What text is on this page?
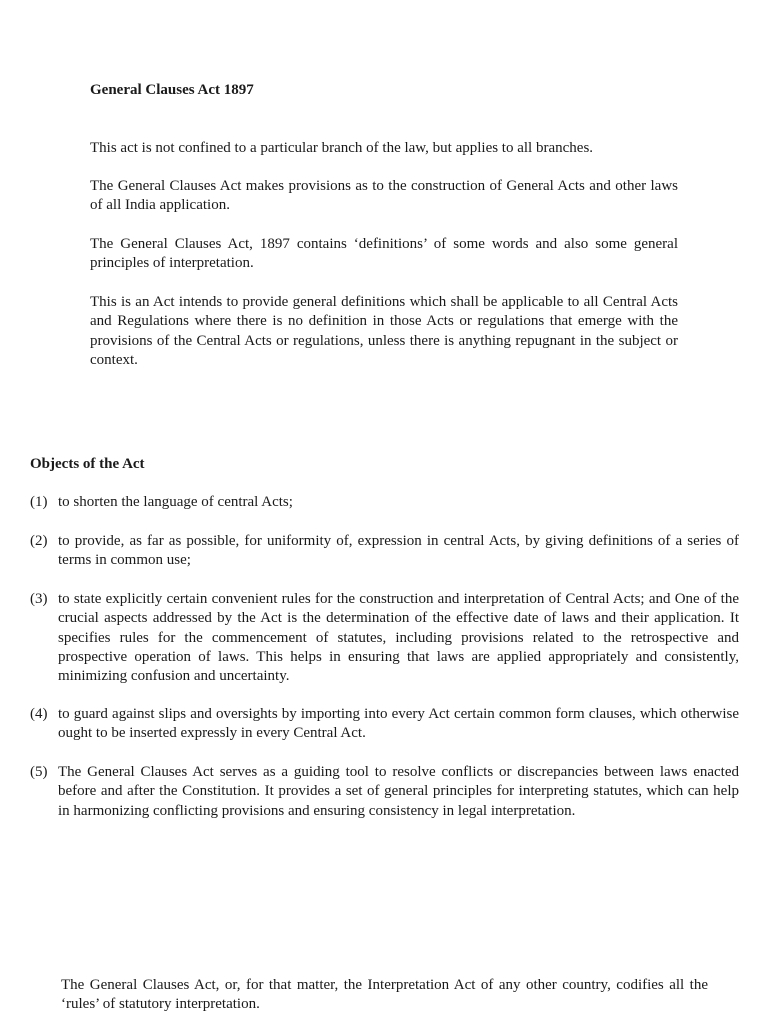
General Clauses Act 1897

This act is not confined to a particular branch of the law, but applies to all branches.

The General Clauses Act makes provisions as to the construction of General Acts and other laws of all India application.

The General Clauses Act, 1897 contains ‘definitions’ of some words and also some general principles of interpretation.

This is an Act intends to provide general definitions which shall be applicable to all Central Acts and Regulations where there is no definition in those Acts or regulations that emerge with the provisions of the Central Acts or regulations, unless there is anything repugnant in the subject or context.

Objects of the Act
(1) to shorten the language of central Acts;
(2) to provide, as far as possible, for uniformity of, expression in central Acts, by giving definitions of a series of terms in common use;
(3) to state explicitly certain convenient rules for the construction and interpretation of Central Acts; and One of the crucial aspects addressed by the Act is the determination of the effective date of laws and their application. It specifies rules for the commencement of statutes, including provisions related to the retrospective and prospective operation of laws. This helps in ensuring that laws are applied appropriately and consistently, minimizing confusion and uncertainty.
(4) to guard against slips and oversights by importing into every Act certain common form clauses, which otherwise ought to be inserted expressly in every Central Act.
(5) The General Clauses Act serves as a guiding tool to resolve conflicts or discrepancies between laws enacted before and after the Constitution. It provides a set of general principles for interpreting statutes, which can help in harmonizing conflicting provisions and ensuring consistency in legal interpretation.

The General Clauses Act, or, for that matter, the Interpretation Act of any other country, codifies all the ‘rules’ of statutory interpretation.
